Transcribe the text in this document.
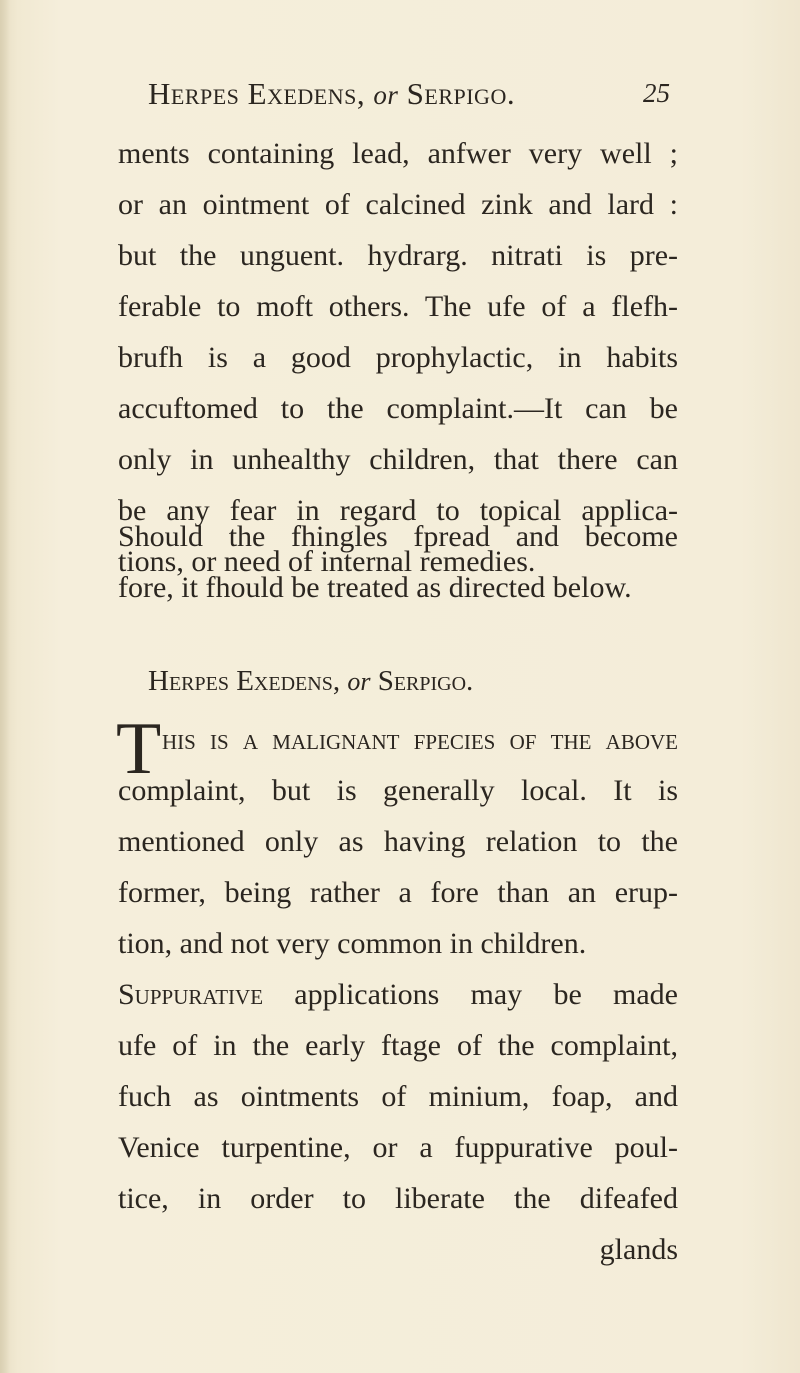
Herpes Exedens, or Serpigo.	25
ments containing lead, anfwer very well ;
or an ointment of calcined zink and lard :
but the unguent. hydrarg. nitrati is pre-
ferable to moft others. The ufe of a flefh-
brufh is a good prophylactic, in habits
accuftomed to the complaint.—It can be
only in unhealthy children, that there can
be any fear in regard to topical applica-
tions, or need of internal remedies.
Should the fhingles fpread and become
fore, it fhould be treated as directed below.
Herpes Exedens, or Serpigo.
T his is a malignant fpecies of the above
complaint, but is generally local. It is
mentioned only as having relation to the
former, being rather a fore than an erup-
tion, and not very common in children.
Suppurative applications may be made
ufe of in the early ftage of the complaint,
fuch as ointments of minium, foap, and
Venice turpentine, or a fuppurative poul-
tice, in order to liberate the difeafed
glands
